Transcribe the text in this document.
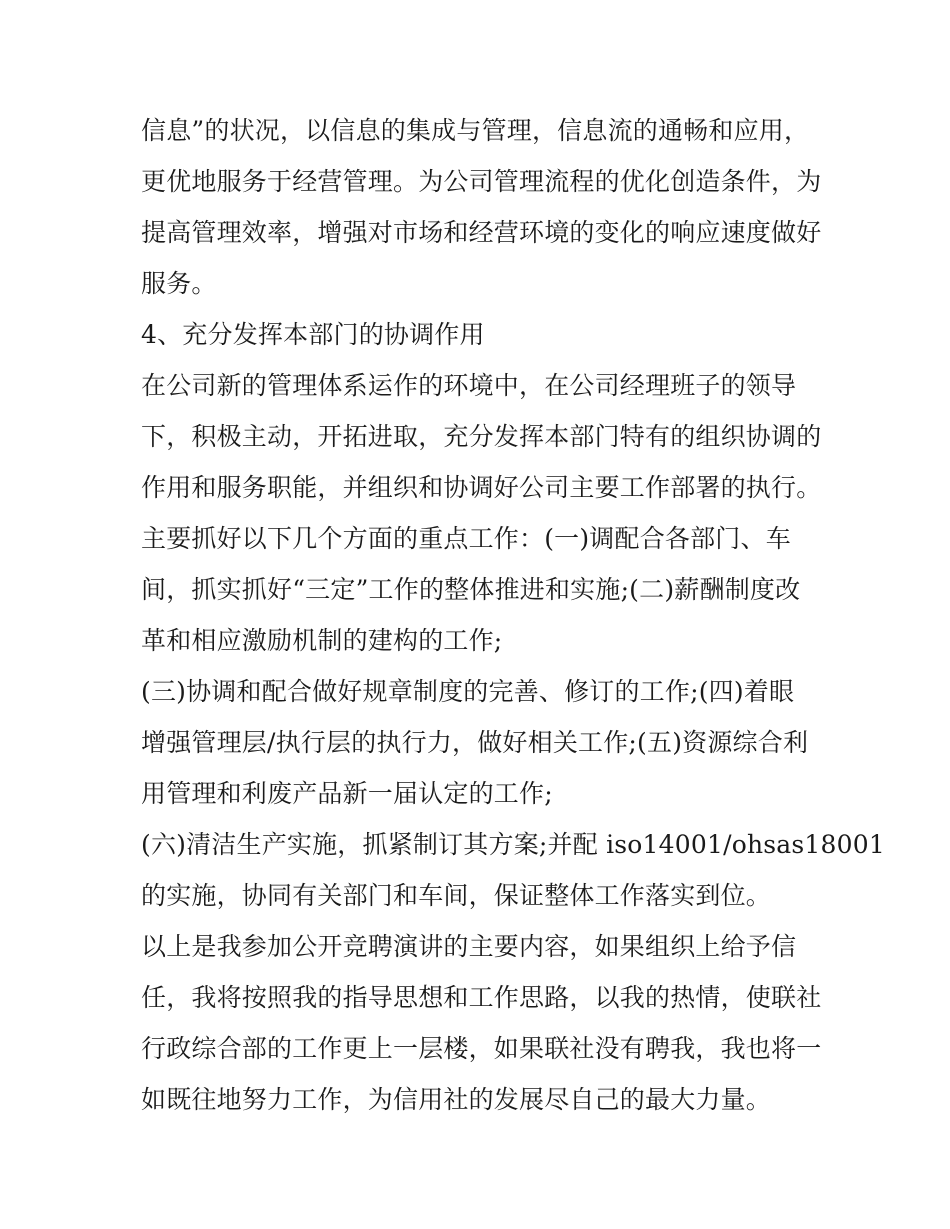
信息”的状况，以信息的集成与管理，信息流的通畅和应用，
更优地服务于经营管理。为公司管理流程的优化创造条件，为
提高管理效率，增强对市场和经营环境的变化的响应速度做好
服务。
4、充分发挥本部门的协调作用
在公司新的管理体系运作的环境中，在公司经理班子的领导
下，积极主动，开拓进取，充分发挥本部门特有的组织协调的
作用和服务职能，并组织和协调好公司主要工作部署的执行。
主要抓好以下几个方面的重点工作：(一)调配合各部门、车
间，抓实抓好“三定”工作的整体推进和实施;(二)薪酬制度改
革和相应激励机制的建构的工作;
(三)协调和配合做好规章制度的完善、修订的工作;(四)着眼
增强管理层/执行层的执行力，做好相关工作;(五)资源综合利
用管理和利废产品新一届认定的工作;
(六)清洁生产实施，抓紧制订其方案;并配 iso14001/ohsas18001
的实施，协同有关部门和车间，保证整体工作落实到位。
以上是我参加公开竞聘演讲的主要内容，如果组织上给予信
任，我将按照我的指导思想和工作思路，以我的热情，使联社
行政综合部的工作更上一层楼，如果联社没有聘我，我也将一
如既往地努力工作，为信用社的发展尽自己的最大力量。
